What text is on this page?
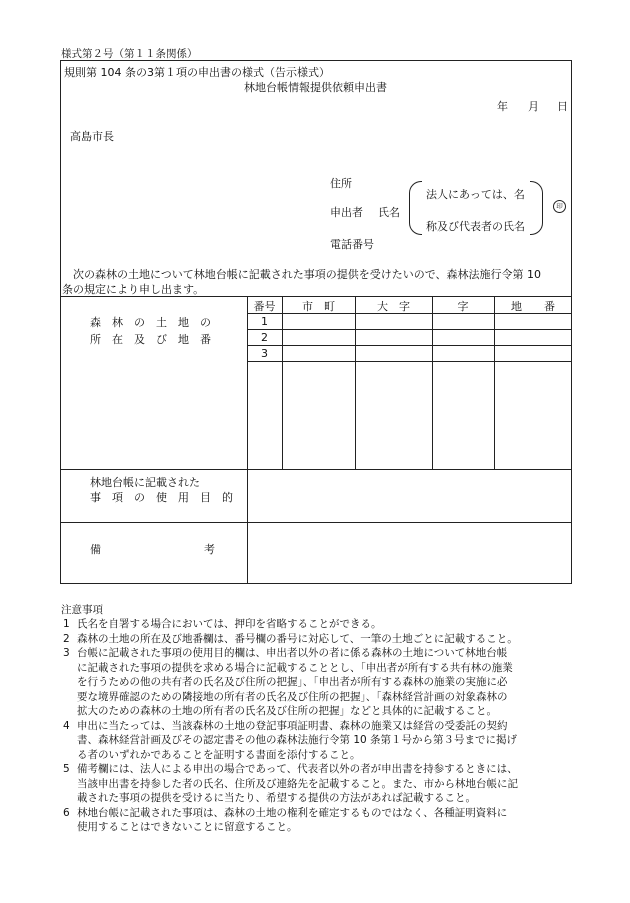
様式第２号（第１１条関係）
規則第 104 条の3第１項の申出書の様式（告示様式）
林地台帳情報提供依頼申出書
年 月 日
高島市長
住所
申出者 氏名
法人にあっては、名
称及び代表者の氏名
印
電話番号
次の森林の土地について林地台帳に記載された事項の提供を受けたいので、森林法施行令第 10
条の規定により申し出ます。
森　林　の　土　地　の
所　在　及　び　地　番
番号	市　町	大　字	字	地　　番
1
2
3
林地台帳に記載された
事　項　の　使　用　目　的
備	考
注意事項
1 氏名を自署する場合においては、押印を省略することができる。
2 森林の土地の所在及び地番欄は、番号欄の番号に対応して、一筆の土地ごとに記載すること。
3 台帳に記載された事項の使用目的欄は、申出者以外の者に係る森林の土地について林地台帳
に記載された事項の提供を求める場合に記載することとし、「申出者が所有する共有林の施業
を行うための他の共有者の氏名及び住所の把握」、「申出者が所有する森林の施業の実施に必
要な境界確認のための隣接地の所有者の氏名及び住所の把握」、「森林経営計画の対象森林の
拡大のための森林の土地の所有者の氏名及び住所の把握」などと具体的に記載すること。
4 申出に当たっては、当該森林の土地の登記事項証明書、森林の施業又は経営の受委託の契約
書、森林経営計画及びその認定書その他の森林法施行令第 10 条第１号から第３号までに掲げ
る者のいずれかであることを証明する書面を添付すること。
5 備考欄には、法人による申出の場合であって、代表者以外の者が申出書を持参するときには、
当該申出書を持参した者の氏名、住所及び連絡先を記載すること。また、市から林地台帳に記
載された事項の提供を受けるに当たり、希望する提供の方法があれば記載すること。
6 林地台帳に記載された事項は、森林の土地の権利を確定するものではなく、各種証明資料に
使用することはできないことに留意すること。
